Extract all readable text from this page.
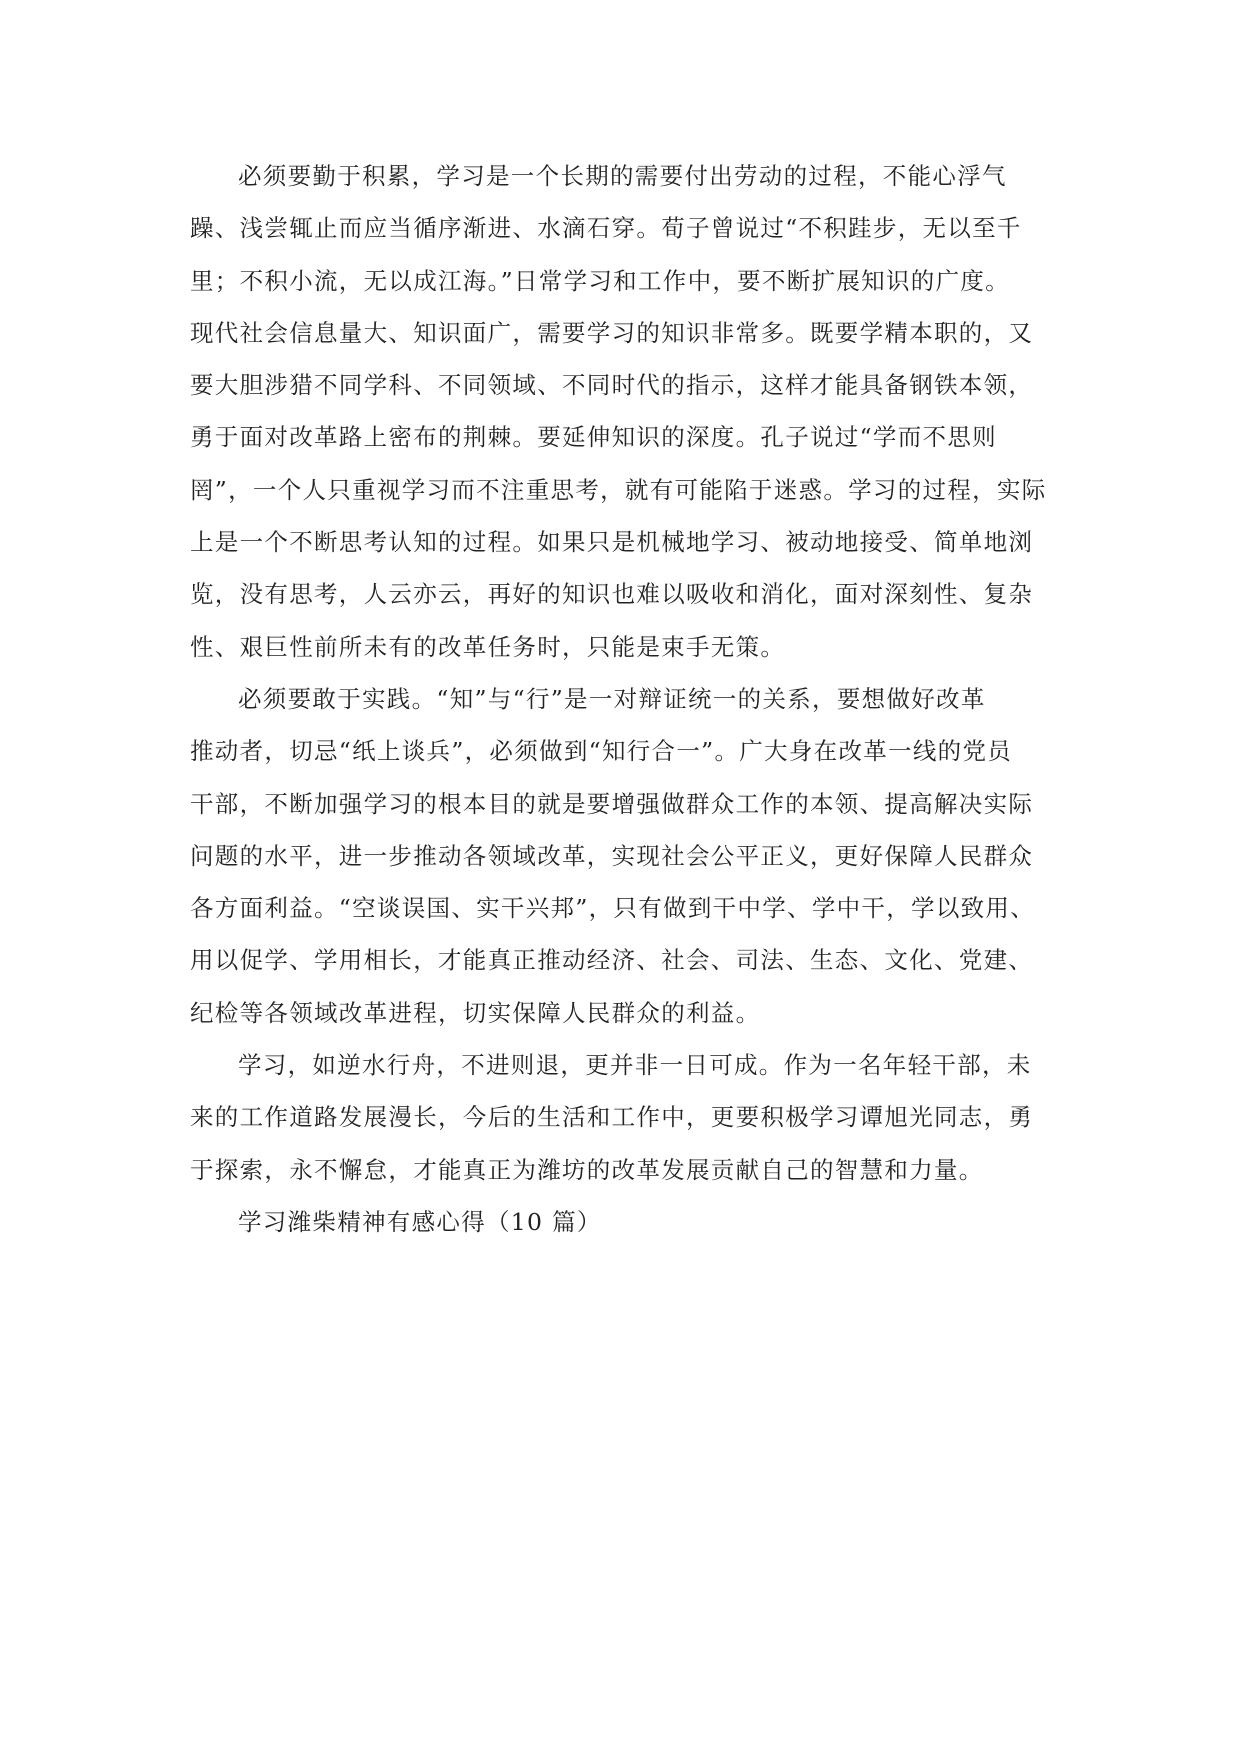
必须要勤于积累，学习是一个长期的需要付出劳动的过程，不能心浮气
躁、浅尝辄止而应当循序渐进、水滴石穿。荀子曾说过“不积跬步，无以至千
里；不积小流，无以成江海。”日常学习和工作中，要不断扩展知识的广度。
现代社会信息量大、知识面广，需要学习的知识非常多。既要学精本职的，又
要大胆涉猎不同学科、不同领域、不同时代的指示，这样才能具备钢铁本领，
勇于面对改革路上密布的荆棘。要延伸知识的深度。孔子说过“学而不思则
罔”，一个人只重视学习而不注重思考，就有可能陷于迷惑。学习的过程，实际
上是一个不断思考认知的过程。如果只是机械地学习、被动地接受、简单地浏
览，没有思考，人云亦云，再好的知识也难以吸收和消化，面对深刻性、复杂
性、艰巨性前所未有的改革任务时，只能是束手无策。
必须要敢于实践。“知”与“行”是一对辩证统一的关系，要想做好改革
推动者，切忌“纸上谈兵”，必须做到“知行合一”。广大身在改革一线的党员
干部，不断加强学习的根本目的就是要增强做群众工作的本领、提高解决实际
问题的水平，进一步推动各领域改革，实现社会公平正义，更好保障人民群众
各方面利益。“空谈误国、实干兴邦”，只有做到干中学、学中干，学以致用、
用以促学、学用相长，才能真正推动经济、社会、司法、生态、文化、党建、
纪检等各领域改革进程，切实保障人民群众的利益。
学习，如逆水行舟，不进则退，更并非一日可成。作为一名年轻干部，未
来的工作道路发展漫长，今后的生活和工作中，更要积极学习谭旭光同志，勇
于探索，永不懈怠，才能真正为潍坊的改革发展贡献自己的智慧和力量。
学习潍柴精神有感心得（10 篇）
